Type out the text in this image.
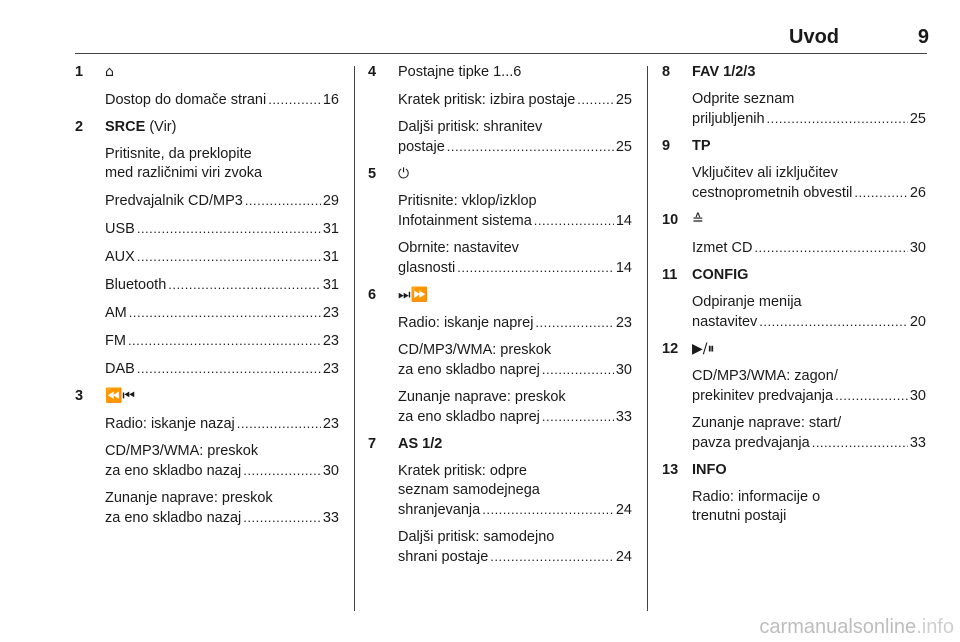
Uvod	9
1 ⌂
Dostop do domače strani .....	16
2 SRCE (Vir)
Pritisnite, da preklopite
med različnimi viri zvoka
Predvajalnik CD/MP3 .....	29
USB .....	31
AUX .....	31
Bluetooth .....	31
AM .....	23
FM .....	23
DAB .....	23
3 ⏪⏮
Radio: iskanje nazaj .....	23
CD/MP3/WMA: preskok
za eno skladbo nazaj .....	30
Zunanje naprave: preskok
za eno skladbo nazaj .....	33
4 Postajne tipke 1...6
Kratek pritisk: izbira postaje .....	25
Daljši pritisk: shranitev
postaje .....	25
5 ⏻
Pritisnite: vklop/izklop
Infotainment sistema .....	14
Obrnite: nastavitev
glasnosti .....	14
6 ⏭⏩
Radio: iskanje naprej .....	23
CD/MP3/WMA: preskok
za eno skladbo naprej .....	30
Zunanje naprave: preskok
za eno skladbo naprej .....	33
7 AS 1/2
Kratek pritisk: odpre
seznam samodejnega
shranjevanja .....	24
Daljši pritisk: samodejno
shrani postaje .....	24
8 FAV 1/2/3
Odprite seznam
priljubljenih .....	25
9 TP
Vključitev ali izključitev
cestnoprometnih obvestil .....	26
10 ≙
Izmet CD .....	30
11 CONFIG
Odpiranje menija
nastavitev .....	20
12 ▶/⏸
CD/MP3/WMA: zagon/
prekinitev predvajanja .....	30
Zunanje naprave: start/
pavza predvajanja .....	33
13 INFO
Radio: informacije o
trenutni postaji
carmanualsonline.info
